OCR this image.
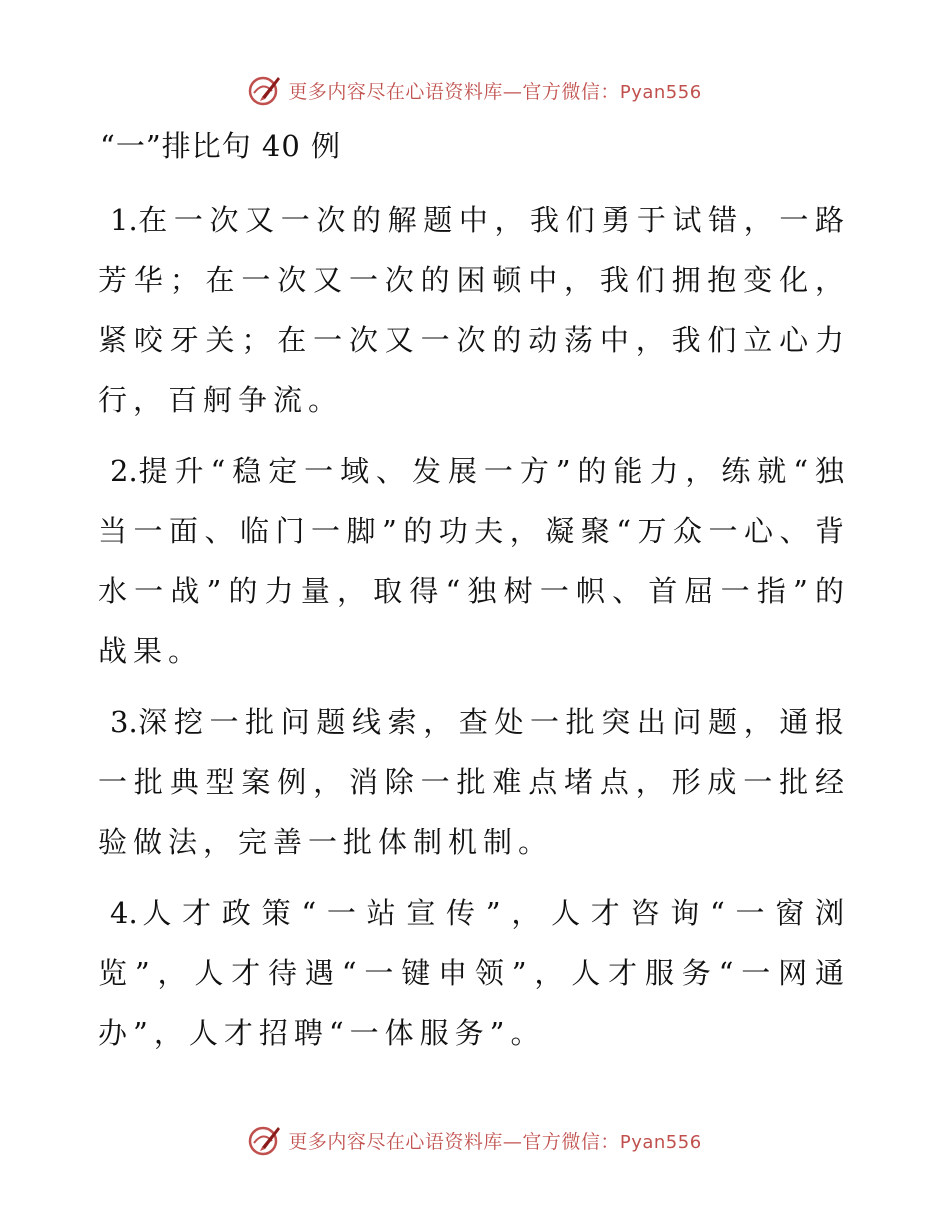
更多内容尽在心语资料库—官方微信：Pyan556
“一”排比句 40 例

1.在一次又一次的解题中，我们勇于试错，一路芳华；在一次又一次的困顿中，我们拥抱变化，紧咬牙关；在一次又一次的动荡中，我们立心力行，百舸争流。

2.提升“稳定一域、发展一方”的能力，练就“独当一面、临门一脚”的功夫，凝聚“万众一心、背水一战”的力量，取得“独树一帜、首屈一指”的战果。

3.深挖一批问题线索，查处一批突出问题，通报一批典型案例，消除一批难点堵点，形成一批经验做法，完善一批体制机制。

4.人才政策“一站宣传”，人才咨询“一窗浏览”，人才待遇“一键申领”，人才服务“一网通办”，人才招聘“一体服务”。

更多内容尽在心语资料库—官方微信：Pyan556
